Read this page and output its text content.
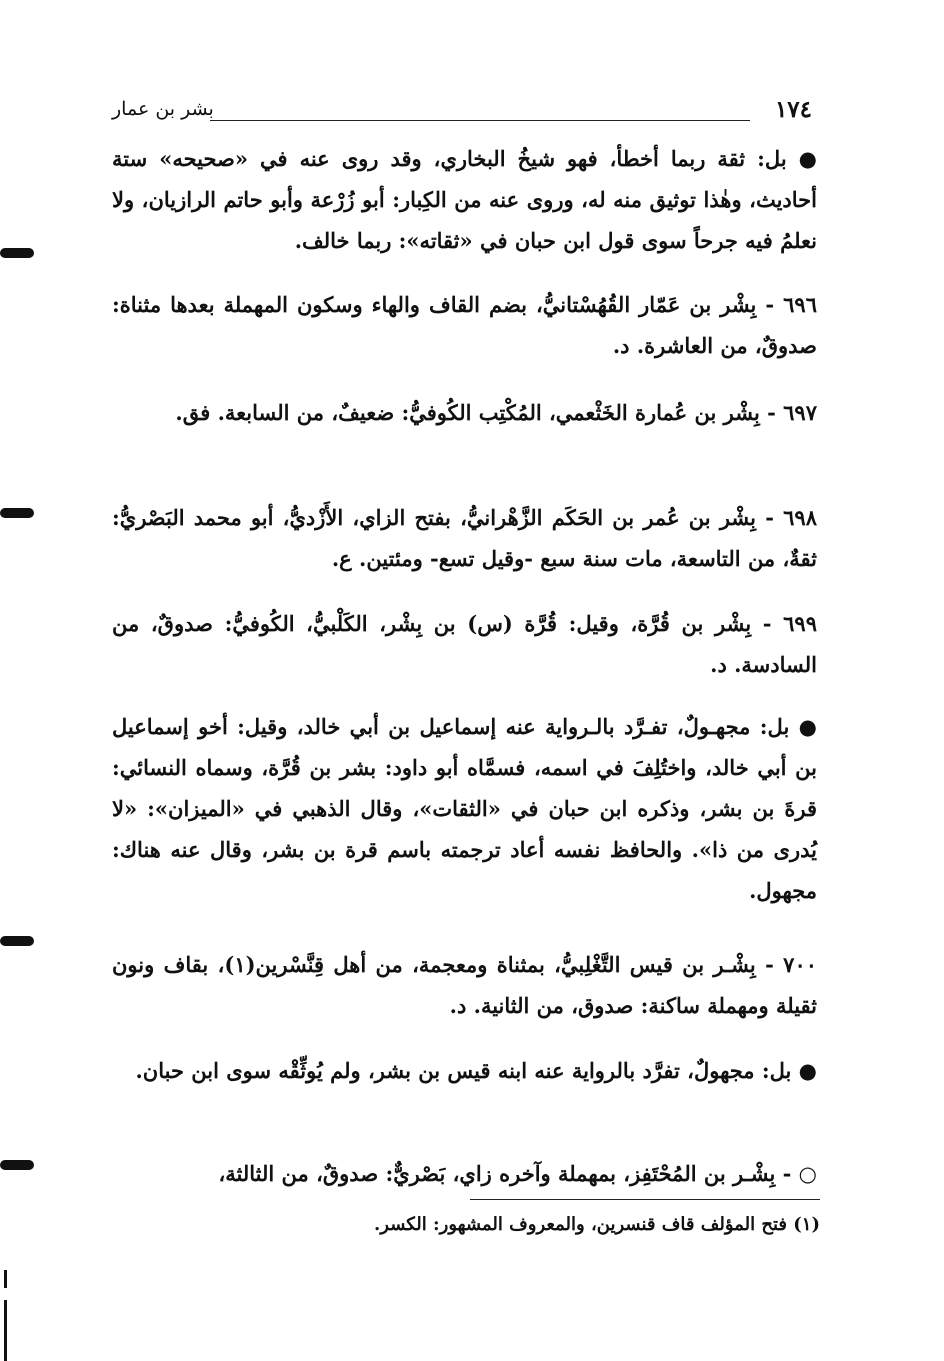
١٧٤
بشر بن عمار
● بل: ثقة ربما أخطأ، فهو شيخُ البخاري، وقد روى عنه في «صحيحه» ستة أحاديث، وهٰذا توثيق منه له، وروى عنه من الكِبار: أبو زُرْعة وأبو حاتم الرازيان، ولا نعلمُ فيه جرحاً سوى قول ابن حبان في «ثقاته»: ربما خالف.
٦٩٦ - بِشْر بن عَمّار القُهُسْتانيُّ، بضم القاف والهاء وسكون المهملة بعدها مثناة: صدوقٌ، من العاشرة. د.
٦٩٧ - بِشْر بن عُمارة الخَثْعمي، المُكْتِب الكُوفيُّ: ضعيفٌ، من السابعة. فق.
٦٩٨ - بِشْر بن عُمر بن الحَكَم الزَّهْرانيُّ، بفتح الزاي، الأَزْديُّ، أبو محمد البَصْريُّ: ثقةٌ، من التاسعة، مات سنة سبع -وقيل تسع- ومئتين. ع.
٦٩٩ - بِشْر بن قُرَّة، وقيل: قُرَّة (س) بن بِشْر، الكَلْبيُّ، الكُوفيُّ: صدوقٌ، من السادسة. د.
● بل: مجهـولٌ، تفـرَّد بالـرواية عنه إسماعيل بن أبي خالد، وقيل: أخو إسماعيل بن أبي خالد، واختُلِفَ في اسمه، فسمَّاه أبو داود: بشر بن قُرَّة، وسماه النسائي: قرةَ بن بشر، وذكره ابن حبان في «الثقات»، وقال الذهبي في «الميزان»: «لا يُدرى من ذا». والحافظ نفسه أعاد ترجمته باسم قرة بن بشر، وقال عنه هناك: مجهول.
٧٠٠ - بِشْـر بن قيس التَّغْلِبيُّ، بمثناة ومعجمة، من أهل قِنَّسْرين(١)، بقاف ونون ثقيلة ومهملة ساكنة: صدوق، من الثانية. د.
● بل: مجهولٌ، تفرَّد بالرواية عنه ابنه قيس بن بشر، ولم يُوثِّقْه سوى ابن حبان.
○ - بِشْـر بن المُحْتَفِز، بمهملة وآخره زاي، بَصْريٌّ: صدوقٌ، من الثالثة،
(١) فتح المؤلف قاف قنسرين، والمعروف المشهور: الكسر.
